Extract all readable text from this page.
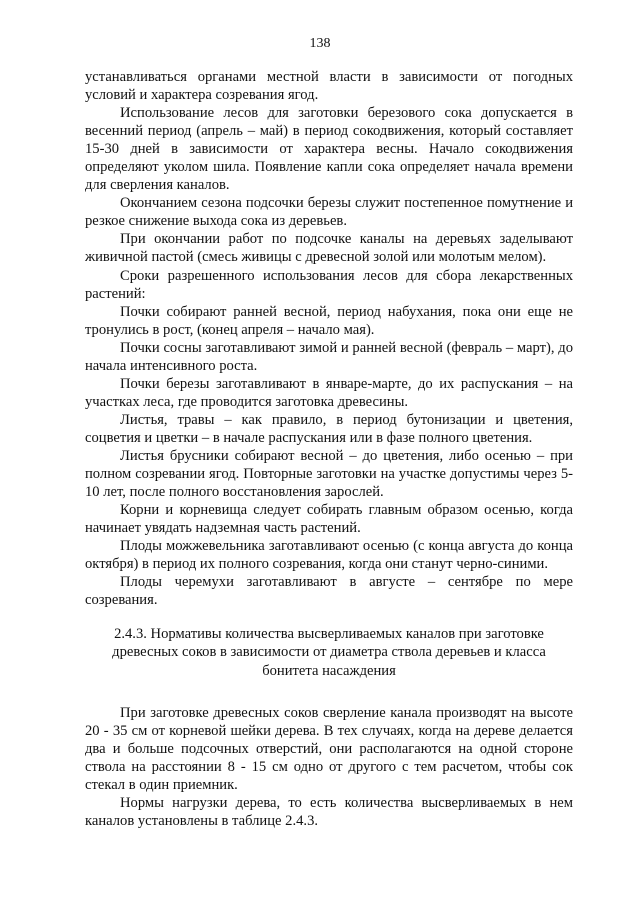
138

устанавливаться органами местной власти в зависимости от погодных условий и характера созревания ягод.

Использование лесов для заготовки березового сока допускается в весенний период (апрель – май) в период сокодвижения, который составляет 15-30 дней в зависимости от характера весны. Начало сокодвижения определяют уколом шила. Появление капли сока определяет начала времени для сверления каналов.

Окончанием сезона подсочки березы служит постепенное помутнение и резкое снижение выхода сока из деревьев.

При окончании работ по подсочке каналы на деревьях заделывают живичной пастой (смесь живицы с древесной золой или молотым мелом).

Сроки разрешенного использования лесов для сбора лекарственных растений:

Почки собирают ранней весной, период набухания, пока они еще не тронулись в рост, (конец апреля – начало мая).

Почки сосны заготавливают зимой и ранней весной (февраль – март), до начала интенсивного роста.

Почки березы заготавливают в январе-марте, до их распускания – на участках леса, где проводится заготовка древесины.

Листья, травы – как правило, в период бутонизации и цветения, соцветия и цветки – в начале распускания или в фазе полного цветения.

Листья брусники собирают весной – до цветения, либо осенью – при полном созревании ягод. Повторные заготовки на участке допустимы через 5-10 лет, после полного восстановления зарослей.

Корни и корневища следует собирать главным образом осенью, когда начинает увядать надземная часть растений.

Плоды можжевельника заготавливают осенью (с конца августа до конца октября) в период их полного созревания, когда они станут черно-синими.

Плоды черемухи заготавливают в августе – сентябре по мере созревания.

2.4.3. Нормативы количества высверливаемых каналов при заготовке древесных соков в зависимости от диаметра ствола деревьев и класса бонитета насаждения

При заготовке древесных соков сверление канала производят на высоте 20 - 35 см от корневой шейки дерева. В тех случаях, когда на дереве делается два и больше подсочных отверстий, они располагаются на одной стороне ствола на расстоянии 8 - 15 см одно от другого с тем расчетом, чтобы сок стекал в один приемник.

Нормы нагрузки дерева, то есть количества высверливаемых в нем каналов установлены в таблице 2.4.3.
